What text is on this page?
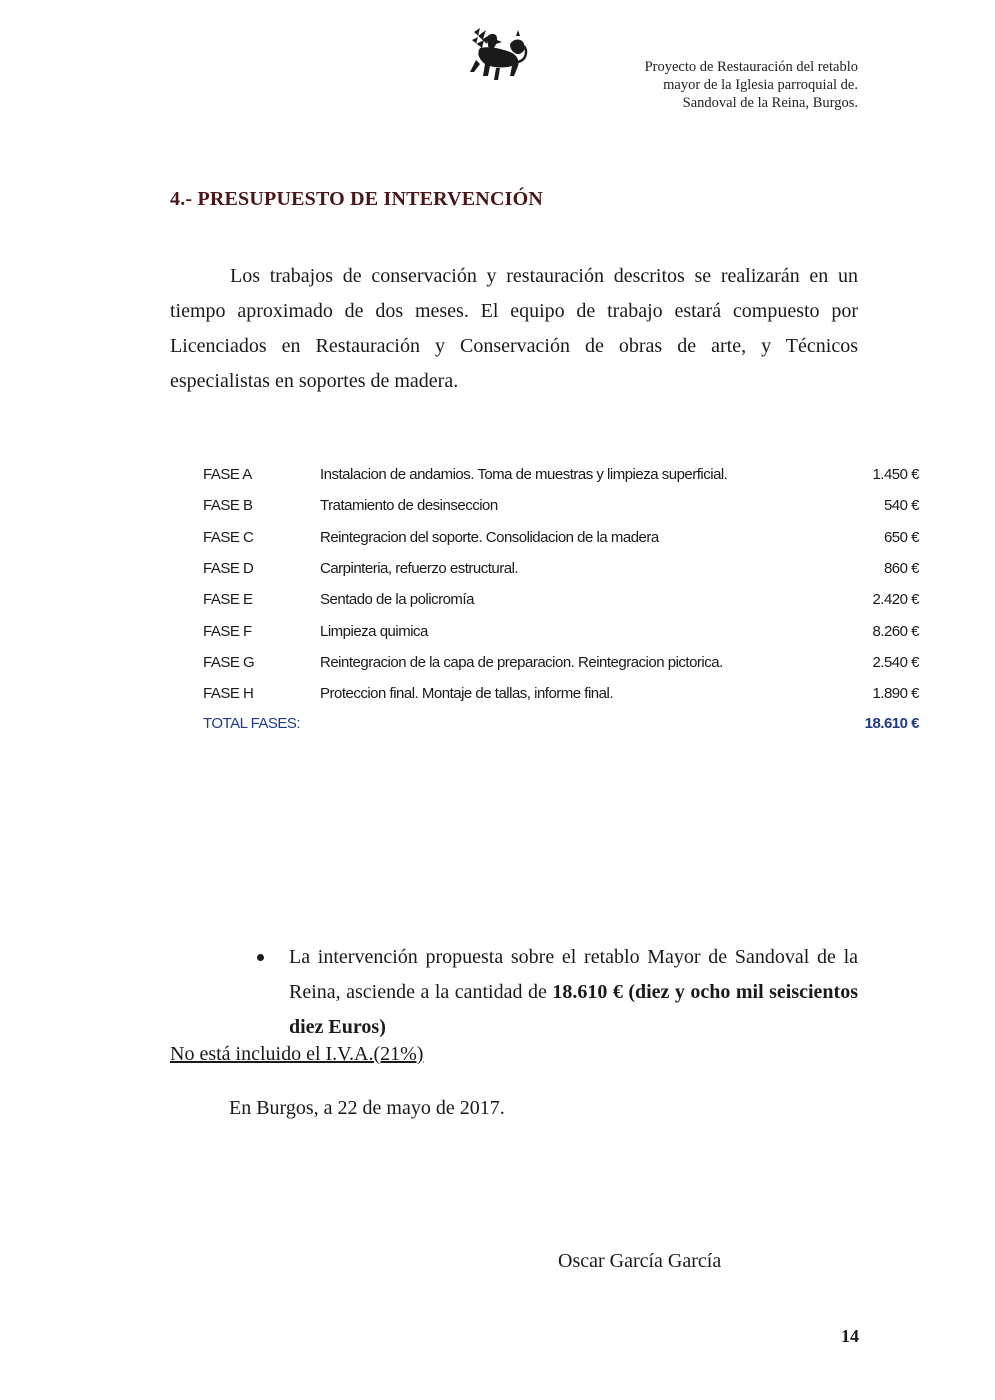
Proyecto de Restauración del retablo
mayor de la Iglesia parroquial de.
Sandoval de la Reina, Burgos.
4.- PRESUPUESTO DE INTERVENCIÓN

Los trabajos de conservación y restauración descritos se realizarán en un tiempo aproximado de dos meses. El equipo de trabajo estará compuesto por Licenciados en Restauración y Conservación de obras de arte, y Técnicos especialistas en soportes de madera.

FASE A	Instalacion de andamios. Toma de muestras y limpieza superficial.	1.450 €
FASE B	Tratamiento de desinseccion	540 €
FASE C	Reintegracion del soporte. Consolidacion de la madera	650 €
FASE D	Carpinteria, refuerzo estructural.	860 €
FASE E	Sentado de la policromía	2.420 €
FASE F	Limpieza quimica	8.260 €
FASE G	Reintegracion de la capa de preparacion. Reintegracion pictorica.	2.540 €
FASE H	Proteccion final. Montaje de tallas, informe final.	1.890 €
TOTAL FASES:	18.610 €
La intervención propuesta sobre el retablo Mayor de Sandoval de la Reina, asciende a la cantidad de 18.610 € (diez y ocho mil seiscientos diez Euros)
No está incluido el I.V.A.(21%)
En Burgos, a 22 de mayo de 2017.
Oscar García García
14
